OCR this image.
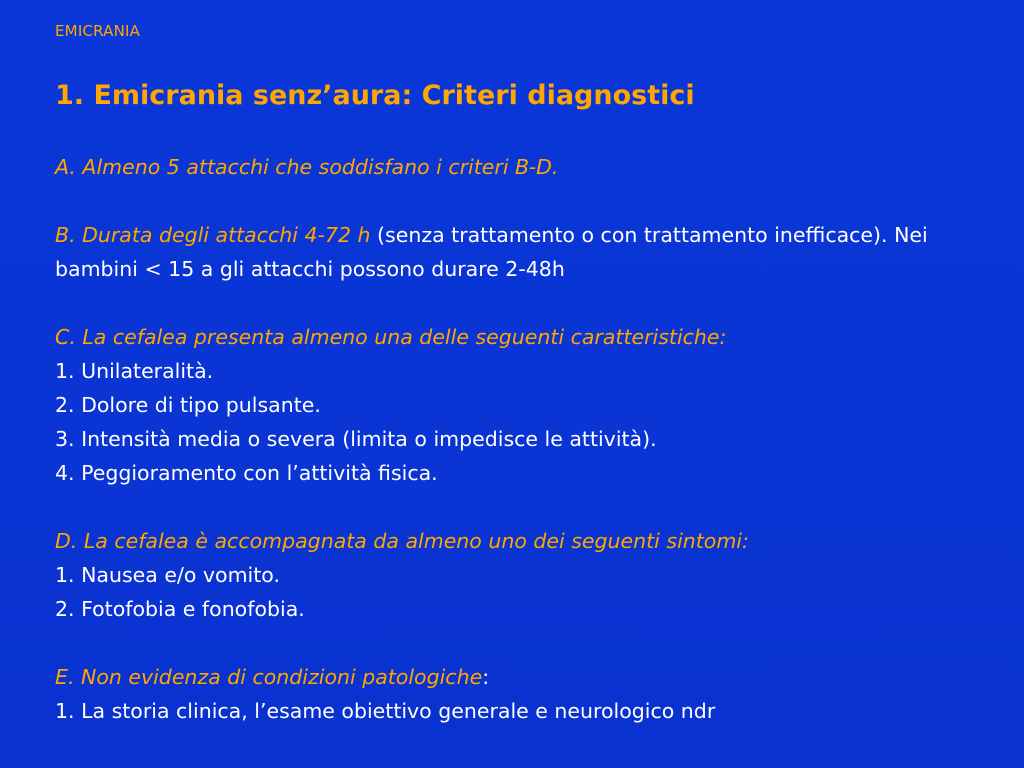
EMICRANIA
1. Emicrania senz’aura: Criteri diagnostici
A. Almeno 5 attacchi che soddisfano i criteri B-D.
B. Durata degli attacchi 4-72 h (senza trattamento o con trattamento inefficace). Nei bambini < 15 a gli attacchi possono durare 2-48h
C. La cefalea presenta almeno una delle seguenti caratteristiche:
1. Unilateralità.
2. Dolore di tipo pulsante.
3. Intensità media o severa (limita o impedisce le attività).
4. Peggioramento con l’attività fisica.
D. La cefalea è accompagnata da almeno uno dei seguenti sintomi:
1. Nausea e/o vomito.
2. Fotofobia e fonofobia.
E. Non evidenza di condizioni patologiche:
1. La storia clinica, l’esame obiettivo generale e neurologico ndr
